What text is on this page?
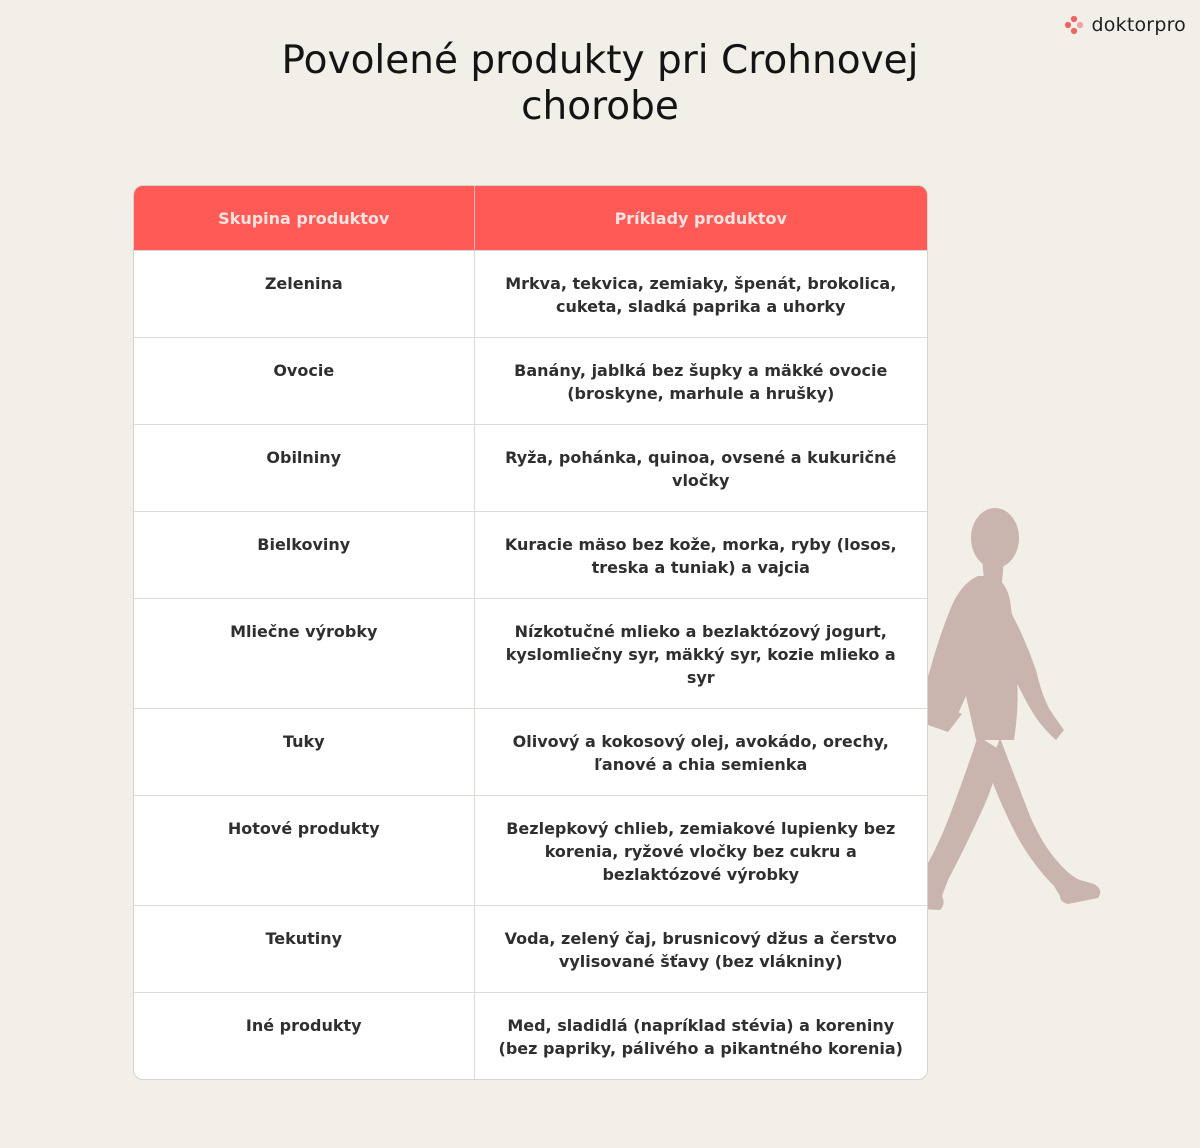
doktorpro
Povolené produkty pri Crohnovej chorobe
Skupina produktov	Príklady produktov
Zelenina	Mrkva, tekvica, zemiaky, špenát, brokolica, cuketa, sladká paprika a uhorky
Ovocie	Banány, jablká bez šupky a mäkké ovocie (broskyne, marhule a hrušky)
Obilniny	Ryža, pohánka, quinoa, ovsené a kukuričné vločky
Bielkoviny	Kuracie mäso bez kože, morka, ryby (losos, treska a tuniak) a vajcia
Mliečne výrobky	Nízkotučné mlieko a bezlaktózový jogurt, kyslomliečny syr, mäkký syr, kozie mlieko a syr
Tuky	Olivový a kokosový olej, avokádo, orechy, ľanové a chia semienka
Hotové produkty	Bezlepkový chlieb, zemiakové lupienky bez korenia, ryžové vločky bez cukru a bezlaktózové výrobky
Tekutiny	Voda, zelený čaj, brusnicový džus a čerstvo vylisované šťavy (bez vlákniny)
Iné produkty	Med, sladidlá (napríklad stévia) a koreniny (bez papriky, pálivého a pikantného korenia)
